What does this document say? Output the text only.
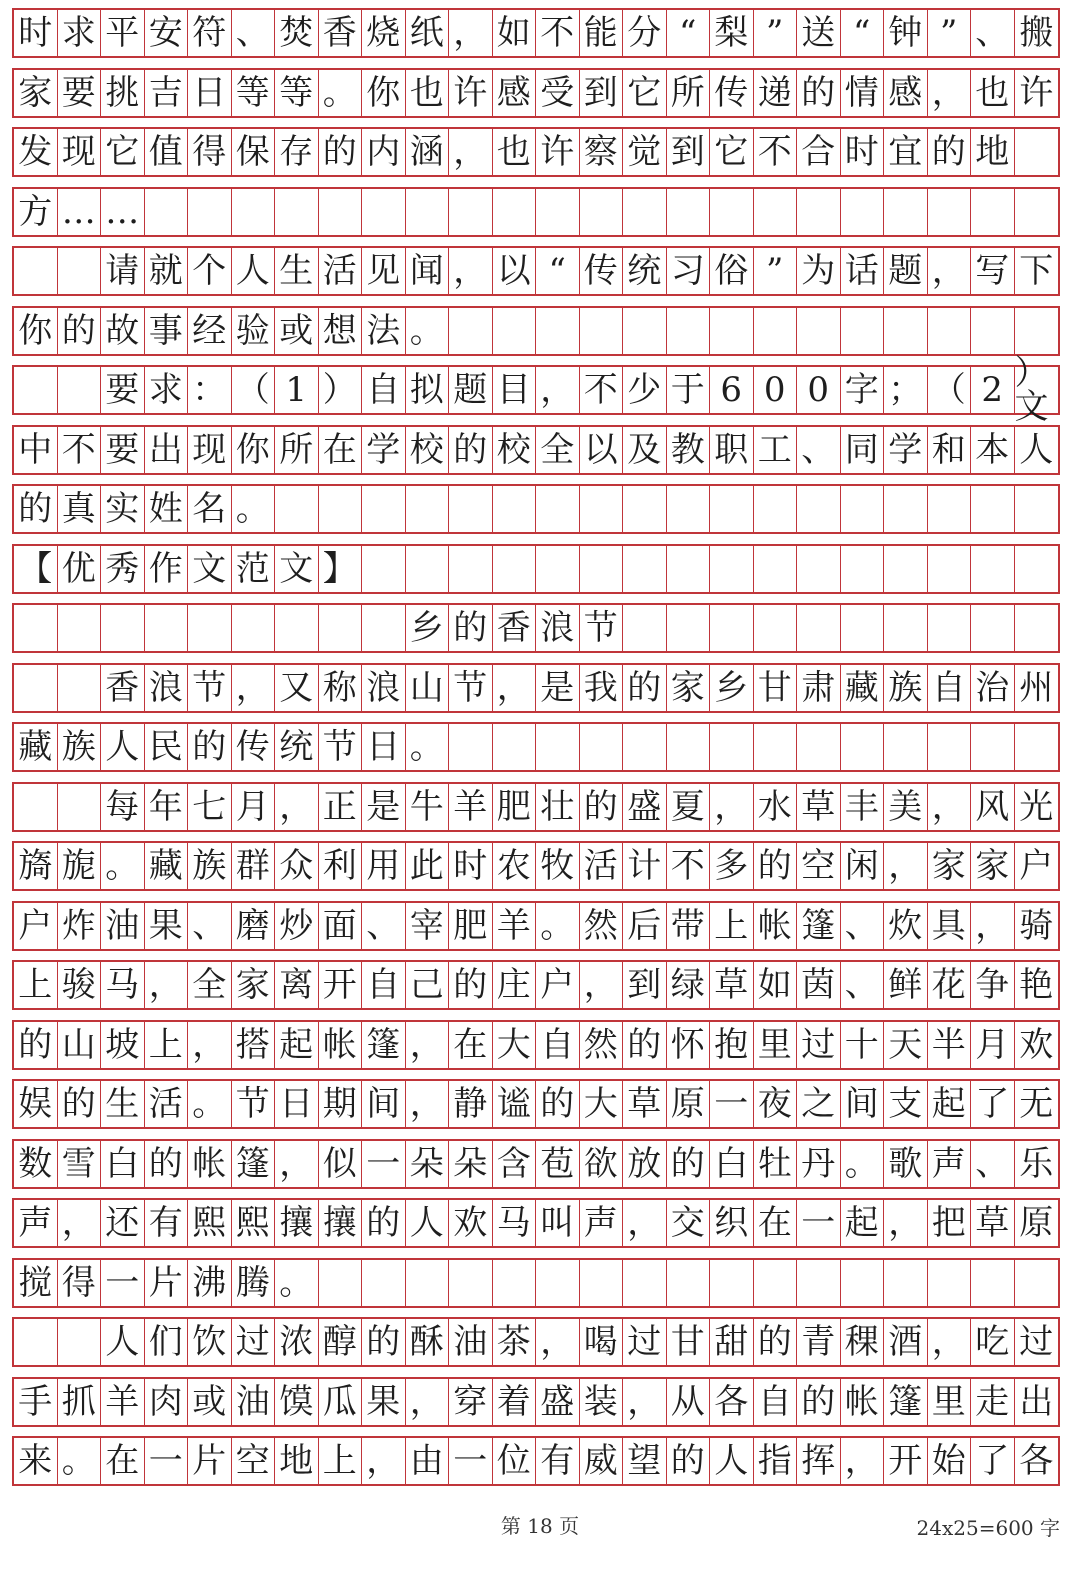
时 求 平 安 符 、 焚 香 烧 纸 ， 如 不 能 分 “ 梨 ” 送 “ 钟 ” 、 搬
家 要 挑 吉 日 等 等 。 你 也 许 感 受 到 它 所 传 递 的 情 感 ， 也 许
发 现 它 值 得 保 存 的 内 涵 ， 也 许 察 觉 到 它 不 合 时 宜 的 地
方 … …
请 就 个 人 生 活 见 闻 ， 以 “ 传 统 习 俗 ” 为 话 题 ， 写 下
你 的 故 事 经 验 或 想 法 。
要 求 ： （ 1 ） 自 拟 题 目 ， 不 少 于 6 0 0 字 ； （ 2 ）文
中 不 要 出 现 你 所 在 学 校 的 校 全 以 及 教 职 工 、 同 学 和 本 人
的 真 实 姓 名 。
【 优 秀 作 文 范 文 】
乡 的 香 浪 节
香 浪 节 ， 又 称 浪 山 节 ， 是 我 的 家 乡 甘 肃 藏 族 自 治 州
藏 族 人 民 的 传 统 节 日 。
每 年 七 月 ， 正 是 牛 羊 肥 壮 的 盛 夏 ， 水 草 丰 美 ， 风 光
旖 旎 。 藏 族 群 众 利 用 此 时 农 牧 活 计 不 多 的 空 闲 ， 家 家 户
户 炸 油 果 、 磨 炒 面 、 宰 肥 羊 。 然 后 带 上 帐 篷 、 炊 具 ， 骑
上 骏 马 ， 全 家 离 开 自 己 的 庄 户 ， 到 绿 草 如 茵 、 鲜 花 争 艳
的 山 坡 上 ， 搭 起 帐 篷 ， 在 大 自 然 的 怀 抱 里 过 十 天 半 月 欢
娱 的 生 活 。 节 日 期 间 ， 静 谧 的 大 草 原 一 夜 之 间 支 起 了 无
数 雪 白 的 帐 篷 ， 似 一 朵 朵 含 苞 欲 放 的 白 牡 丹 。 歌 声 、 乐
声 ， 还 有 熙 熙 攘 攘 的 人 欢 马 叫 声 ， 交 织 在 一 起 ， 把 草 原
搅 得 一 片 沸 腾 。
人 们 饮 过 浓 醇 的 酥 油 茶 ， 喝 过 甘 甜 的 青 稞 酒 ， 吃 过
手 抓 羊 肉 或 油 馍 瓜 果 ， 穿 着 盛 装 ， 从 各 自 的 帐 篷 里 走 出
来 。 在 一 片 空 地 上 ， 由 一 位 有 威 望 的 人 指 挥 ， 开 始 了 各
第 18 页	24x25=600 字
